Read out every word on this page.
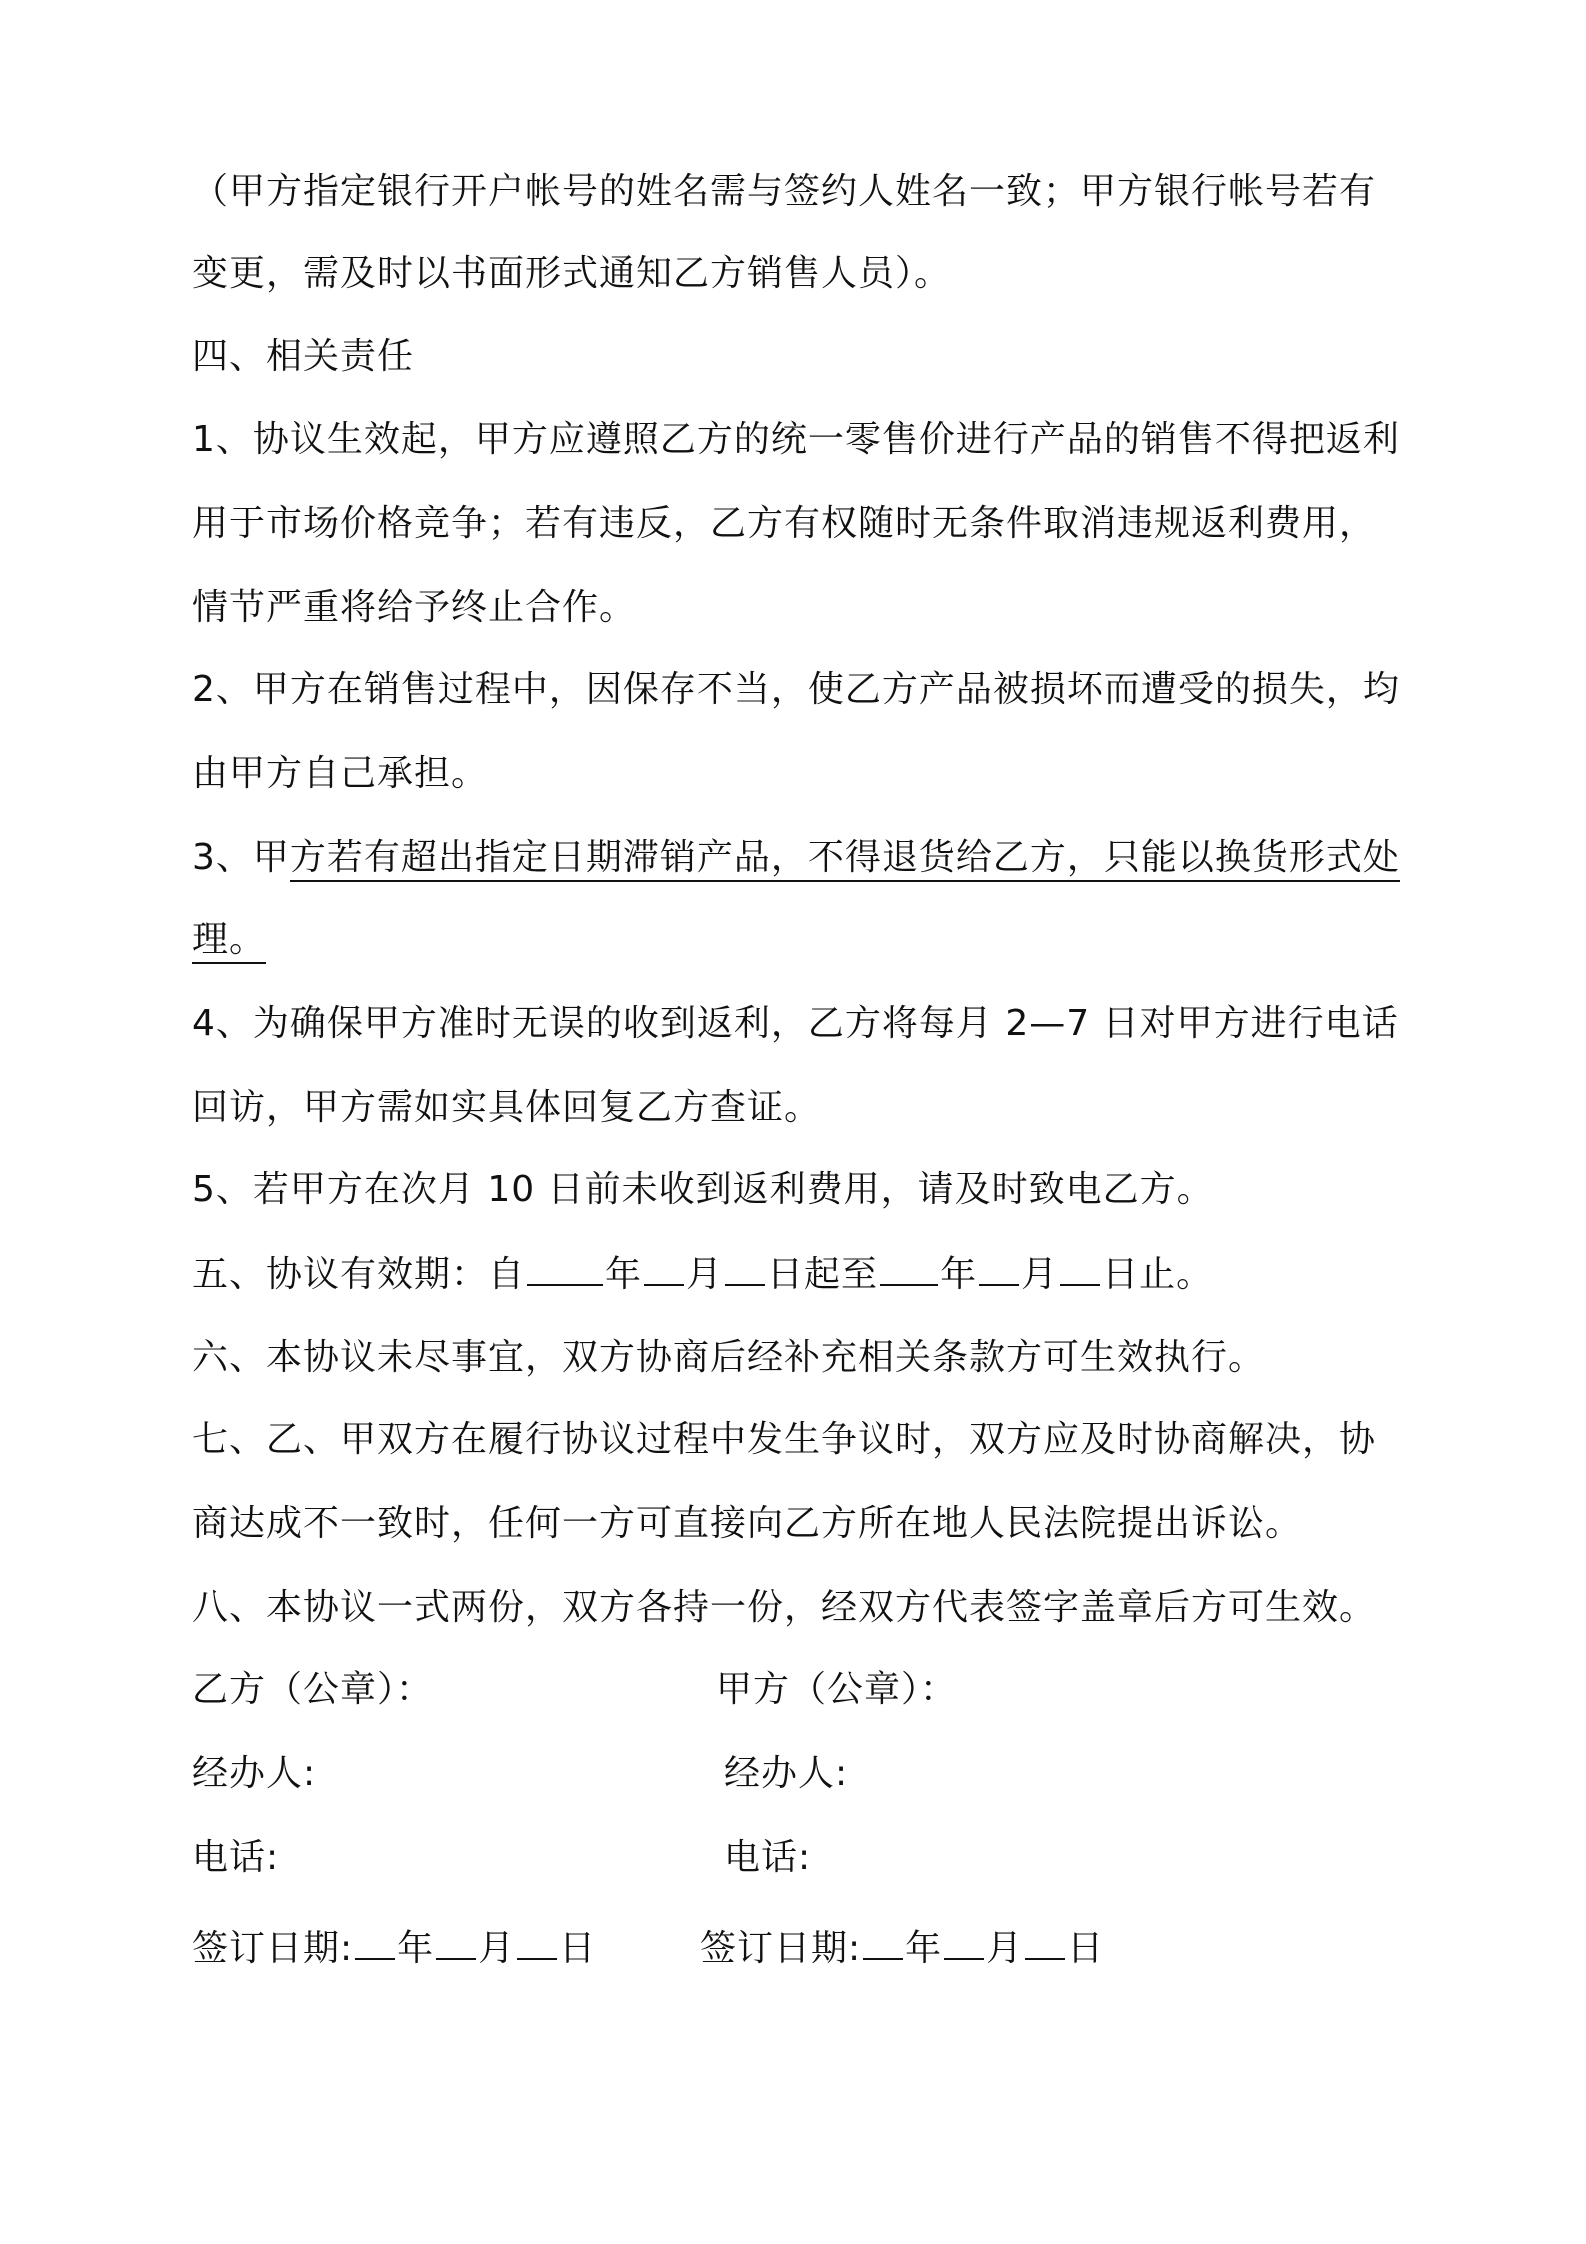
（甲方指定银行开户帐号的姓名需与签约人姓名一致；甲方银行帐号若有
变更，需及时以书面形式通知乙方销售人员）。
四、相关责任
1、协议生效起，甲方应遵照乙方的统一零售价进行产品的销售不得把返利
用于市场价格竞争；若有违反，乙方有权随时无条件取消违规返利费用，
情节严重将给予终止合作。
2、甲方在销售过程中，因保存不当，使乙方产品被损坏而遭受的损失，均
由甲方自己承担。
3、甲方若有超出指定日期滞销产品，不得退货给乙方，只能以换货形式处
理。
4、为确保甲方准时无误的收到返利，乙方将每月 2—7 日对甲方进行电话
回访，甲方需如实具体回复乙方查证。
5、若甲方在次月 10 日前未收到返利费用，请及时致电乙方。
五、协议有效期：自 年 月 日起至 年 月 日止。
六、本协议未尽事宜，双方协商后经补充相关条款方可生效执行。
七、乙、甲双方在履行协议过程中发生争议时，双方应及时协商解决，协
商达成不一致时，任何一方可直接向乙方所在地人民法院提出诉讼。
八、本协议一式两份，双方各持一份，经双方代表签字盖章后方可生效。
乙方（公章）：	甲方（公章）：
经办人:	经办人:
电话:	电话:
签订日期: 年 月 日	签订日期: 年 月 日
